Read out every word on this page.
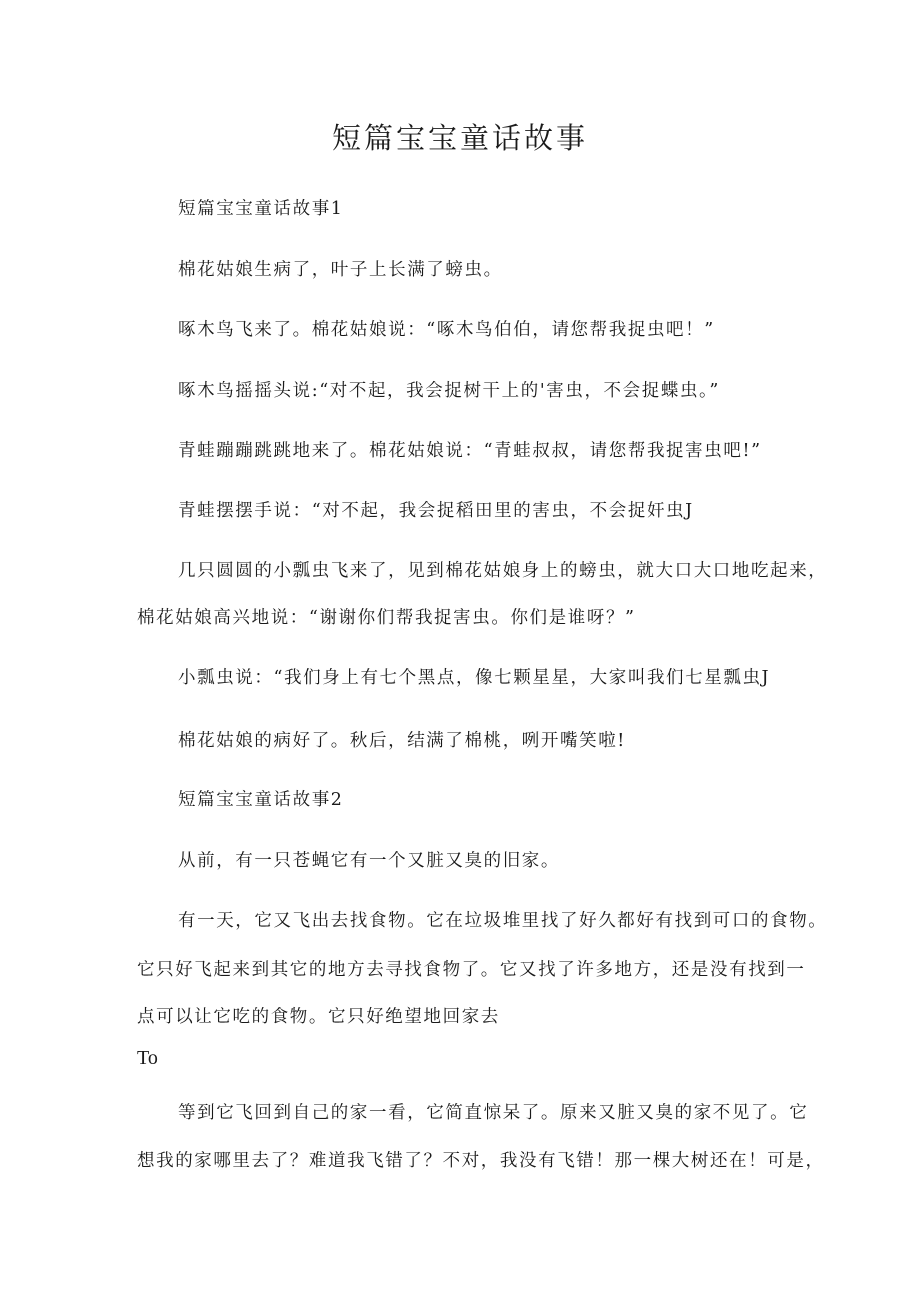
短篇宝宝童话故事

短篇宝宝童话故事1

棉花姑娘生病了，叶子上长满了螃虫。

啄木鸟飞来了。棉花姑娘说：“啄木鸟伯伯，请您帮我捉虫吧！”

啄木鸟摇摇头说:“对不起，我会捉树干上的'害虫，不会捉蝶虫。”

青蛙蹦蹦跳跳地来了。棉花姑娘说：“青蛙叔叔，请您帮我捉害虫吧!”

青蛙摆摆手说：“对不起，我会捉稻田里的害虫，不会捉奸虫J

几只圆圆的小瓢虫飞来了，见到棉花姑娘身上的螃虫，就大口大口地吃起来，

棉花姑娘高兴地说：“谢谢你们帮我捉害虫。你们是谁呀？”

小瓢虫说：“我们身上有七个黑点，像七颗星星，大家叫我们七星瓢虫J

棉花姑娘的病好了。秋后，结满了棉桃，咧开嘴笑啦!

短篇宝宝童话故事2

从前，有一只苍蝇它有一个又脏又臭的旧家。

有一天，它又飞出去找食物。它在垃圾堆里找了好久都好有找到可口的食物。

它只好飞起来到其它的地方去寻找食物了。它又找了许多地方，还是没有找到一

点可以让它吃的食物。它只好绝望地回家去

To

等到它飞回到自己的家一看，它简直惊呆了。原来又脏又臭的家不见了。它

想我的家哪里去了？难道我飞错了？不对，我没有飞错！那一棵大树还在！可是，
